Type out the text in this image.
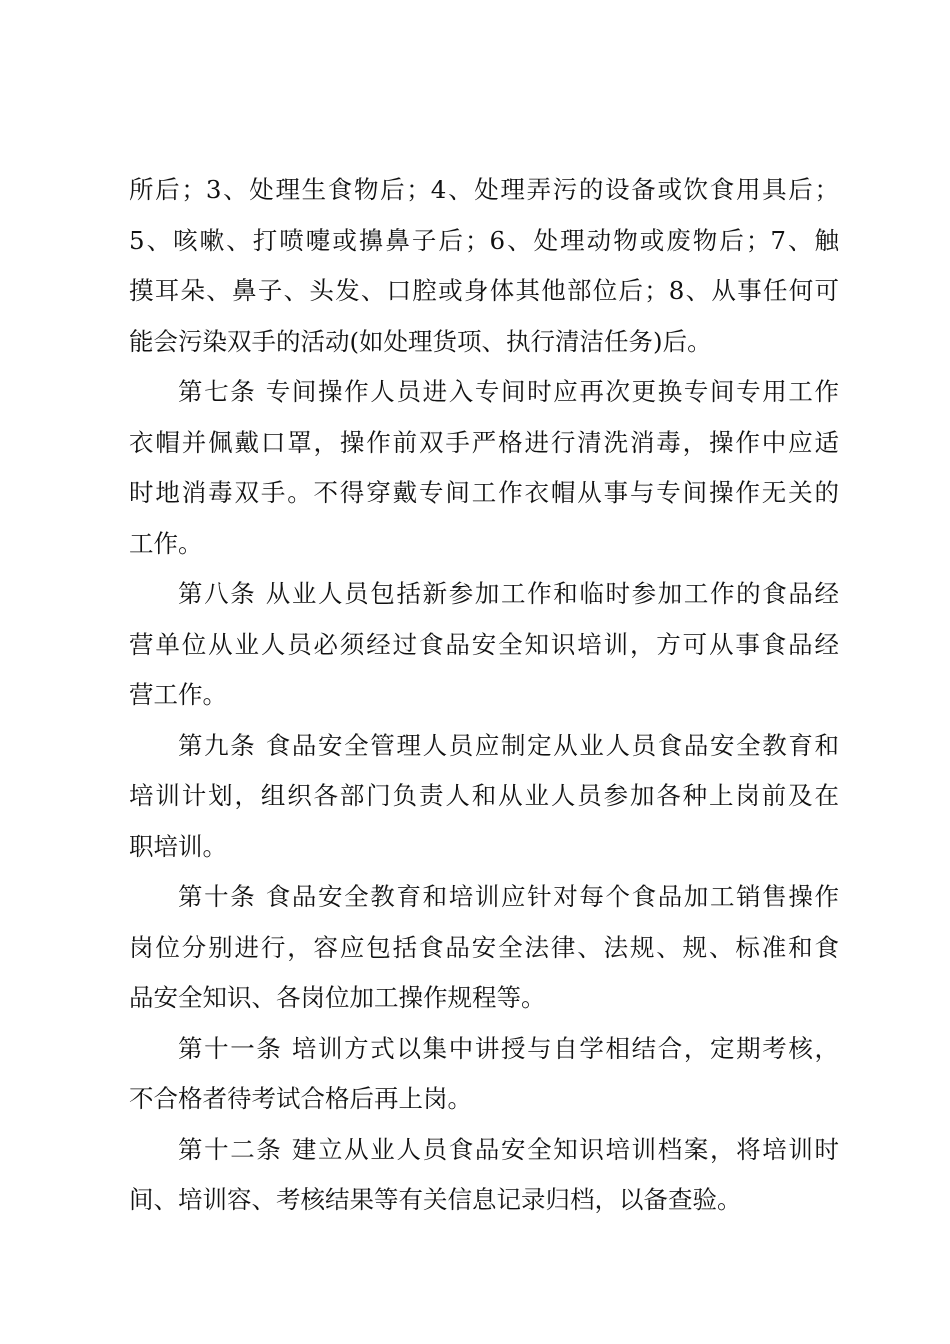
所后；3、处理生食物后；4、处理弄污的设备或饮食用具后；
5、咳嗽、打喷嚏或擤鼻子后；6、处理动物或废物后；7、触
摸耳朵、鼻子、头发、口腔或身体其他部位后；8、从事任何可
能会污染双手的活动(如处理货项、执行清洁任务)后。
第七条 专间操作人员进入专间时应再次更换专间专用工作
衣帽并佩戴口罩，操作前双手严格进行清洗消毒，操作中应适
时地消毒双手。不得穿戴专间工作衣帽从事与专间操作无关的
工作。
第八条 从业人员包括新参加工作和临时参加工作的食品经
营单位从业人员必须经过食品安全知识培训，方可从事食品经
营工作。
第九条 食品安全管理人员应制定从业人员食品安全教育和
培训计划，组织各部门负责人和从业人员参加各种上岗前及在
职培训。
第十条 食品安全教育和培训应针对每个食品加工销售操作
岗位分别进行，容应包括食品安全法律、法规、规、标准和食
品安全知识、各岗位加工操作规程等。
第十一条 培训方式以集中讲授与自学相结合，定期考核，
不合格者待考试合格后再上岗。
第十二条 建立从业人员食品安全知识培训档案，将培训时
间、培训容、考核结果等有关信息记录归档，以备查验。
